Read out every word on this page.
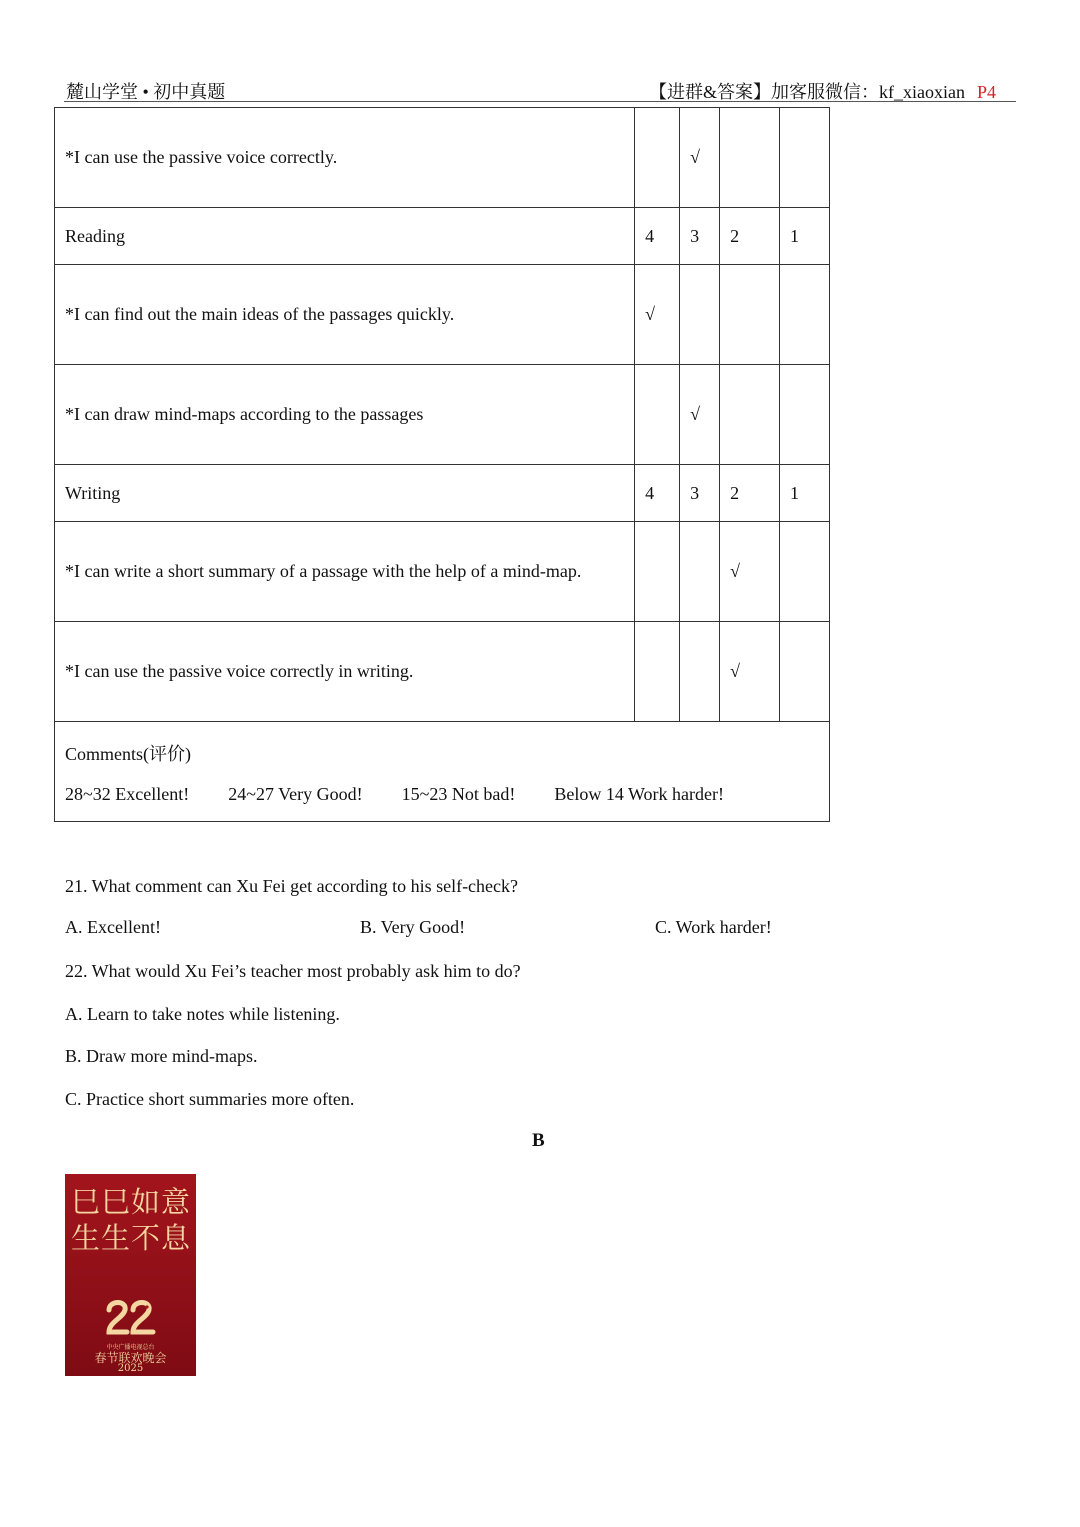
麓山学堂 • 初中真题	【进群&答案】加客服微信：kf_xiaoxian P4
*I can use the passive voice correctly.		√		
Reading	4	3	2	1
*I can find out the main ideas of the passages quickly.	√			
*I can draw mind-maps according to the passages		√		
Writing	4	3	2	1
*I can write a short summary of a passage with the help of a mind-map.			√	
*I can use the passive voice correctly in writing.			√	

Comments(评价)
28~32 Excellent! 24~27 Very Good! 15~23 Not bad! Below 14 Work harder!				
21. What comment can Xu Fei get according to his self-check?
A. Excellent!	B. Very Good!	C. Work harder!
22. What would Xu Fei’s teacher most probably ask him to do?
A. Learn to take notes while listening.
B. Draw more mind-maps.
C. Practice short summaries more often.
B
巳巳如意
生生不息
中央广播电视总台
春节联欢晚会
2025
